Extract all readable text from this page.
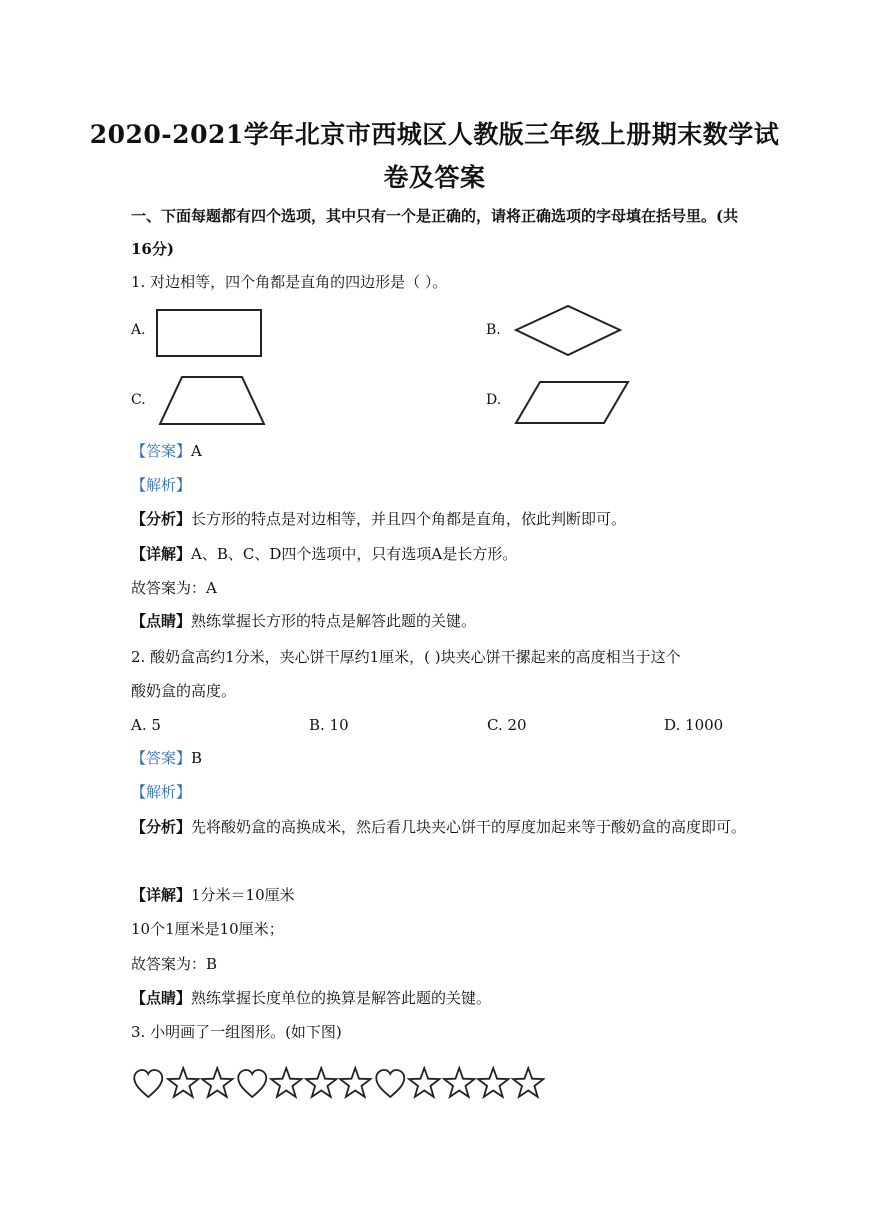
2020-2021学年北京市西城区人教版三年级上册期末数学试
卷及答案
一、下面每题都有四个选项，其中只有一个是正确的，请将正确选项的字母填在括号里。(共
16分)
1. 对边相等，四个角都是直角的四边形是（ ）。
A.	B.
C.	D.
【答案】A
【解析】
【分析】长方形的特点是对边相等，并且四个角都是直角，依此判断即可。
【详解】A、B、C、D四个选项中，只有选项A是长方形。
故答案为：A
【点睛】熟练掌握长方形的特点是解答此题的关键。
2. 酸奶盒高约1分米，夹心饼干厚约1厘米，( )块夹心饼干摞起来的高度相当于这个
酸奶盒的高度。
A. 5	B. 10	C. 20	D. 1000
【答案】B
【解析】
【分析】先将酸奶盒的高换成米，然后看几块夹心饼干的厚度加起来等于酸奶盒的高度即可。
【详解】1分米＝10厘米
10个1厘米是10厘米；
故答案为：B
【点睛】熟练掌握长度单位的换算是解答此题的关键。
3. 小明画了一组图形。(如下图)
